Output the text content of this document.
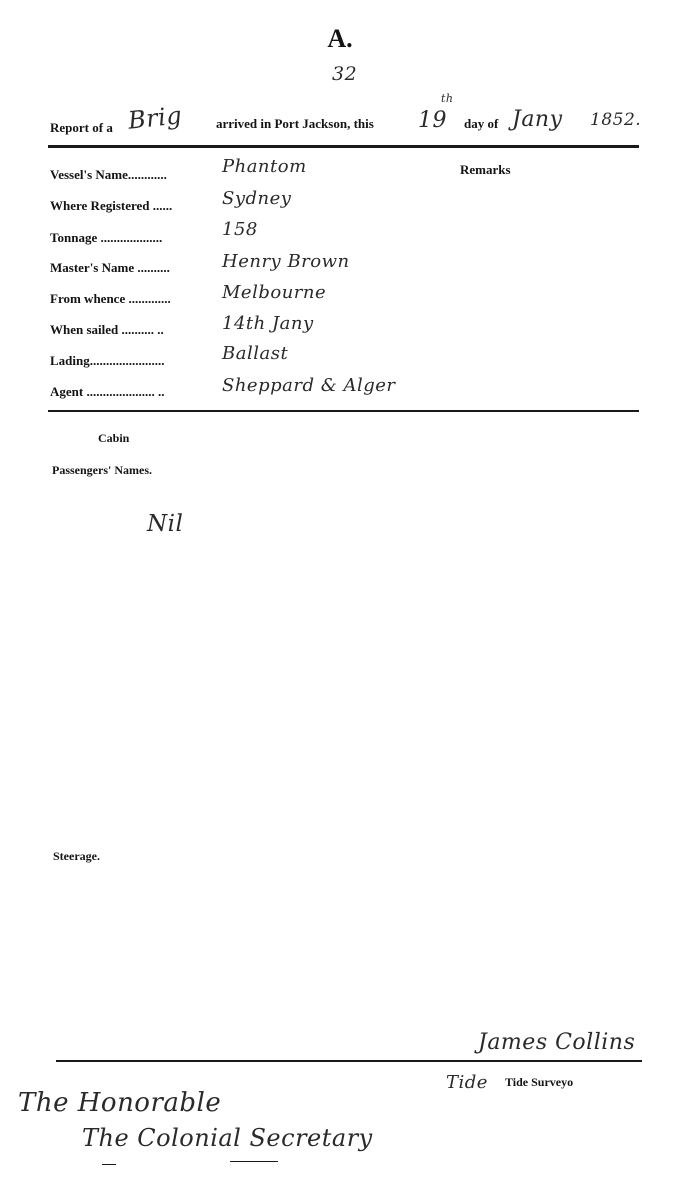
A.
32
Report of a Brig	arrived in Port Jackson, this 19
th
day of Jany 1852.
Vessel's Name............	Phantom
Where Registered ......	Sydney
Tonnage ...................	158
Master's Name ..........	Henry Brown
From whence .............	Melbourne
When sailed .......... ..	14th Jany
Lading.......................	Ballast
Agent ..................... ..	Sheppard & Alger
Remarks
Cabin
Passengers' Names.
Nil
Steerage.
James Collins
Tide Tide Surveyo
The Honorable
The Colonial Secretary
